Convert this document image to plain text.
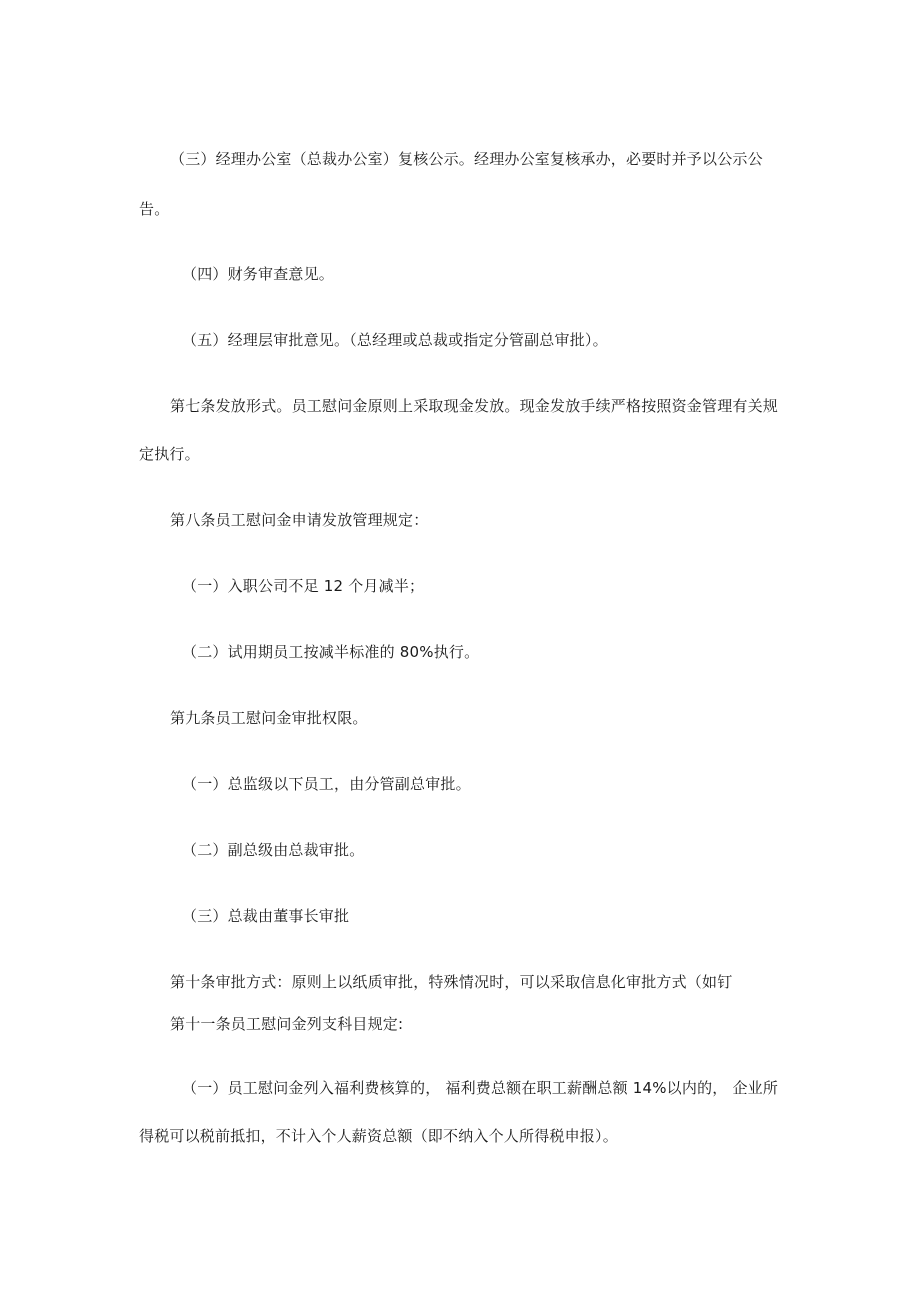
（三）经理办公室（总裁办公室）复核公示。经理办公室复核承办，必要时并予以公示公
告。
（四）财务审查意见。
（五）经理层审批意见。（总经理或总裁或指定分管副总审批）。
第七条发放形式。员工慰问金原则上采取现金发放。现金发放手续严格按照资金管理有关规
定执行。
第八条员工慰问金申请发放管理规定：
（一）入职公司不足 12 个月减半；
（二）试用期员工按减半标准的 80%执行。
第九条员工慰问金审批权限。
（一）总监级以下员工，由分管副总审批。
（二）副总级由总裁审批。
（三）总裁由董事长审批
第十条审批方式：原则上以纸质审批，特殊情况时，可以采取信息化审批方式（如钉
第十一条员工慰问金列支科目规定:
（一）员工慰问金列入福利费核算的， 福利费总额在职工薪酬总额 14%以内的， 企业所
得税可以税前抵扣，不计入个人薪资总额（即不纳入个人所得税申报）。
